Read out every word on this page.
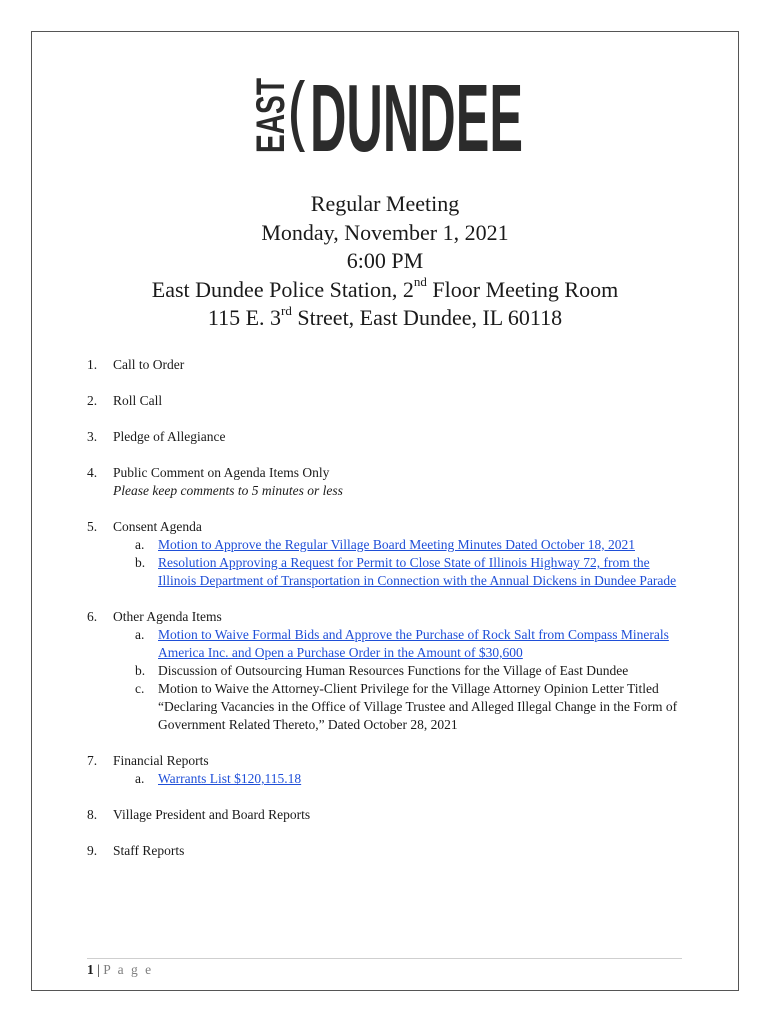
EAST DUNDEE
Regular Meeting
Monday, November 1, 2021
6:00 PM
East Dundee Police Station, 2nd Floor Meeting Room
115 E. 3rd Street, East Dundee, IL 60118
1. Call to Order
2. Roll Call
3. Pledge of Allegiance
4. Public Comment on Agenda Items Only
Please keep comments to 5 minutes or less
5. Consent Agenda
a. Motion to Approve the Regular Village Board Meeting Minutes Dated October 18, 2021
b. Resolution Approving a Request for Permit to Close State of Illinois Highway 72, from the Illinois Department of Transportation in Connection with the Annual Dickens in Dundee Parade
6. Other Agenda Items
a. Motion to Waive Formal Bids and Approve the Purchase of Rock Salt from Compass Minerals America Inc. and Open a Purchase Order in the Amount of $30,600
b. Discussion of Outsourcing Human Resources Functions for the Village of East Dundee
c. Motion to Waive the Attorney-Client Privilege for the Village Attorney Opinion Letter Titled “Declaring Vacancies in the Office of Village Trustee and Alleged Illegal Change in the Form of Government Related Thereto,” Dated October 28, 2021
7. Financial Reports
a. Warrants List $120,115.18
8. Village President and Board Reports
9. Staff Reports
1 | P a g e
